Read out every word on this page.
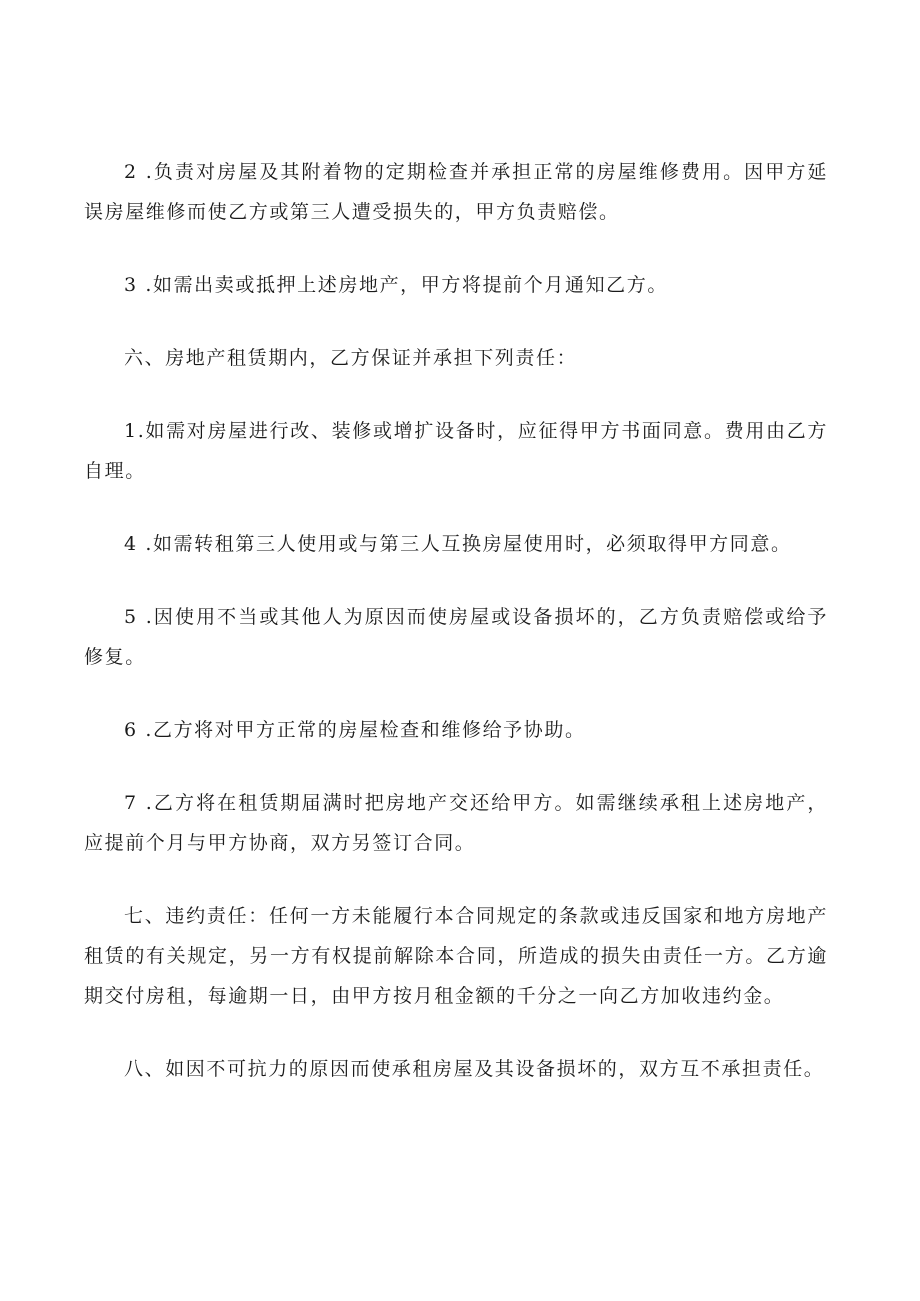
2 .负责对房屋及其附着物的定期检查并承担正常的房屋维修费用。因甲方延误房屋维修而使乙方或第三人遭受损失的，甲方负责赔偿。

3 .如需出卖或抵押上述房地产，甲方将提前个月通知乙方。

六、房地产租赁期内，乙方保证并承担下列责任：

1.如需对房屋进行改、装修或增扩设备时，应征得甲方书面同意。费用由乙方自理。

4 .如需转租第三人使用或与第三人互换房屋使用时，必须取得甲方同意。

5 .因使用不当或其他人为原因而使房屋或设备损坏的，乙方负责赔偿或给予修复。

6 .乙方将对甲方正常的房屋检查和维修给予协助。

7 .乙方将在租赁期届满时把房地产交还给甲方。如需继续承租上述房地产，应提前个月与甲方协商，双方另签订合同。

七、违约责任：任何一方未能履行本合同规定的条款或违反国家和地方房地产租赁的有关规定，另一方有权提前解除本合同，所造成的损失由责任一方。乙方逾期交付房租，每逾期一日，由甲方按月租金额的千分之一向乙方加收违约金。

八、如因不可抗力的原因而使承租房屋及其设备损坏的，双方互不承担责任。
